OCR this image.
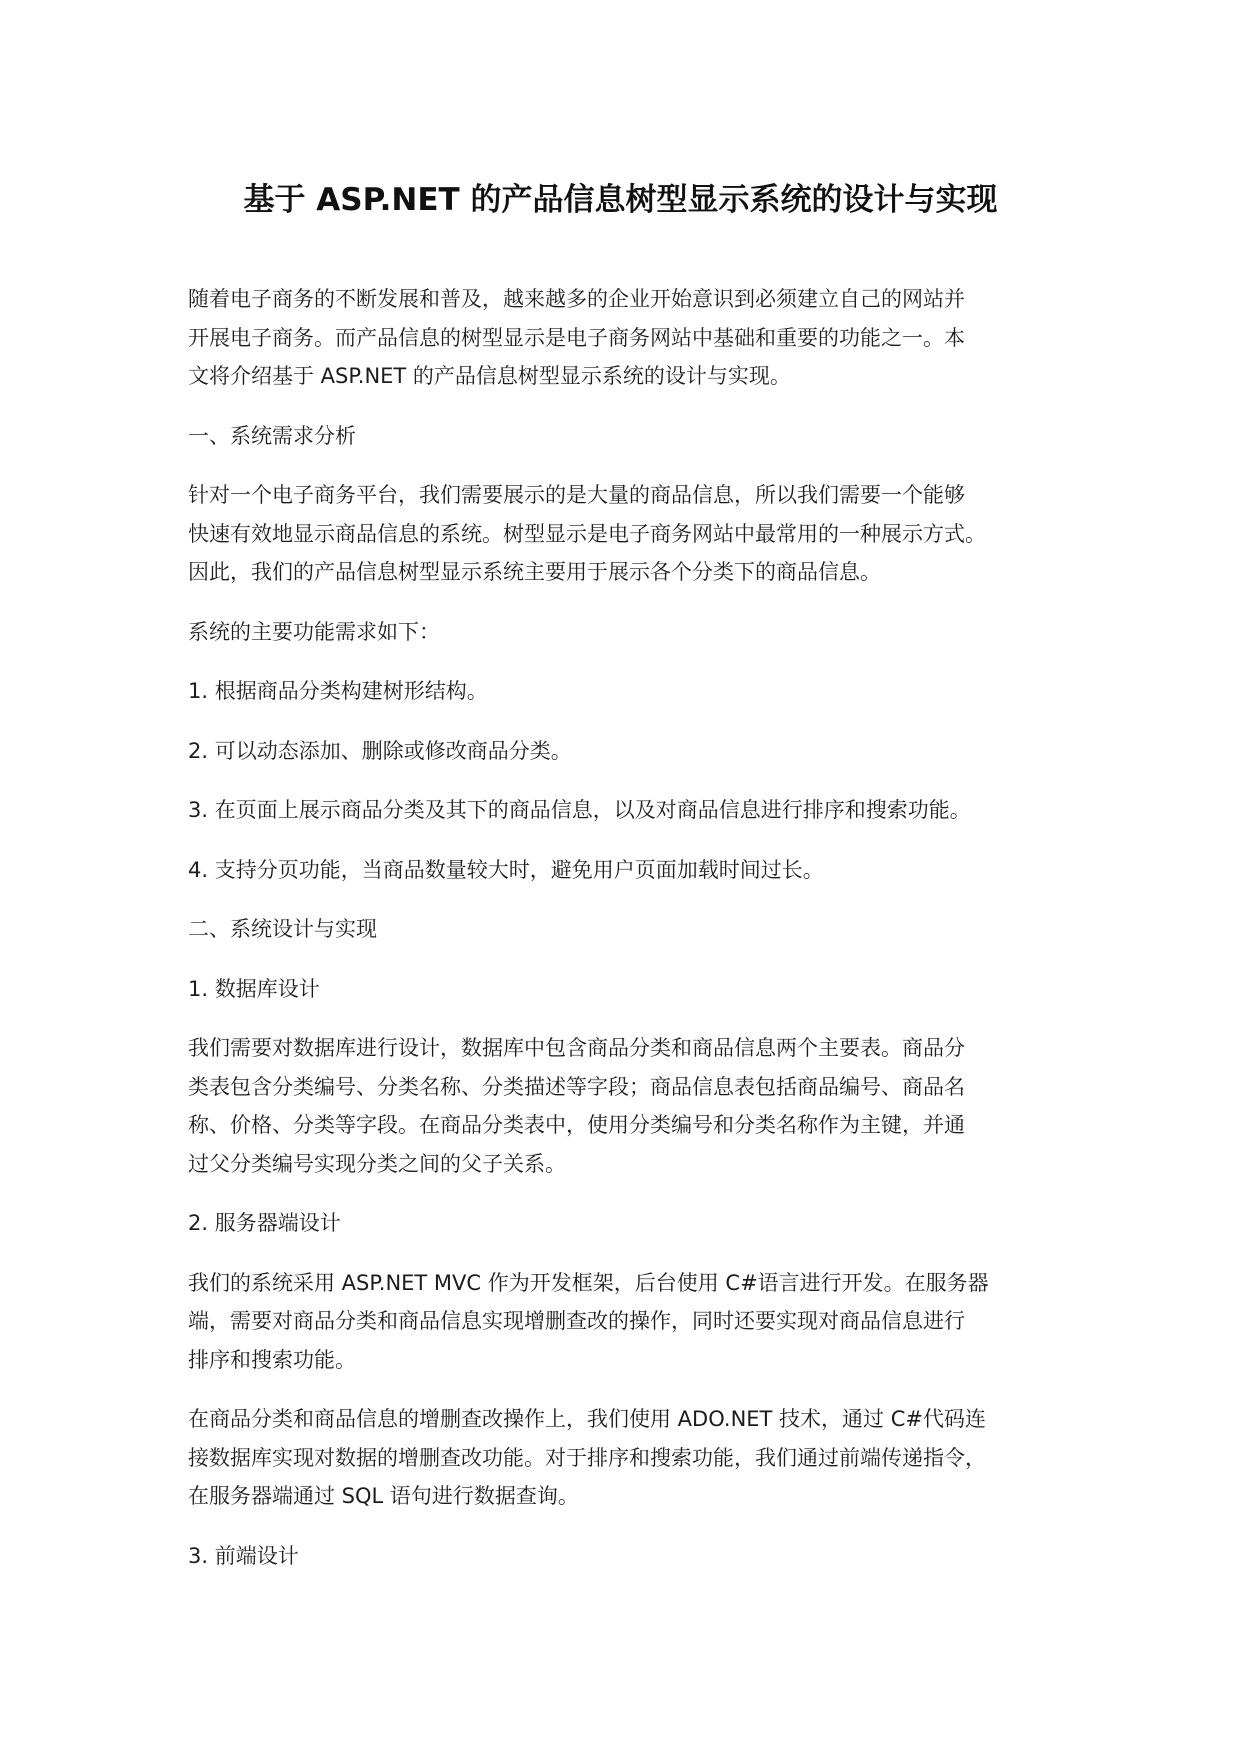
基于 ASP.NET 的产品信息树型显示系统的设计与实现

随着电子商务的不断发展和普及，越来越多的企业开始意识到必须建立自己的网站并
开展电子商务。而产品信息的树型显示是电子商务网站中基础和重要的功能之一。本
文将介绍基于 ASP.NET 的产品信息树型显示系统的设计与实现。

一、系统需求分析

针对一个电子商务平台，我们需要展示的是大量的商品信息，所以我们需要一个能够
快速有效地显示商品信息的系统。树型显示是电子商务网站中最常用的一种展示方式。
因此，我们的产品信息树型显示系统主要用于展示各个分类下的商品信息。

系统的主要功能需求如下：

1. 根据商品分类构建树形结构。

2. 可以动态添加、删除或修改商品分类。

3. 在页面上展示商品分类及其下的商品信息，以及对商品信息进行排序和搜索功能。

4. 支持分页功能，当商品数量较大时，避免用户页面加载时间过长。

二、系统设计与实现

1. 数据库设计

我们需要对数据库进行设计，数据库中包含商品分类和商品信息两个主要表。商品分
类表包含分类编号、分类名称、分类描述等字段；商品信息表包括商品编号、商品名
称、价格、分类等字段。在商品分类表中，使用分类编号和分类名称作为主键，并通
过父分类编号实现分类之间的父子关系。

2. 服务器端设计

我们的系统采用 ASP.NET MVC 作为开发框架，后台使用 C#语言进行开发。在服务器
端，需要对商品分类和商品信息实现增删查改的操作，同时还要实现对商品信息进行
排序和搜索功能。

在商品分类和商品信息的增删查改操作上，我们使用 ADO.NET 技术，通过 C#代码连
接数据库实现对数据的增删查改功能。对于排序和搜索功能，我们通过前端传递指令，
在服务器端通过 SQL 语句进行数据查询。

3. 前端设计
